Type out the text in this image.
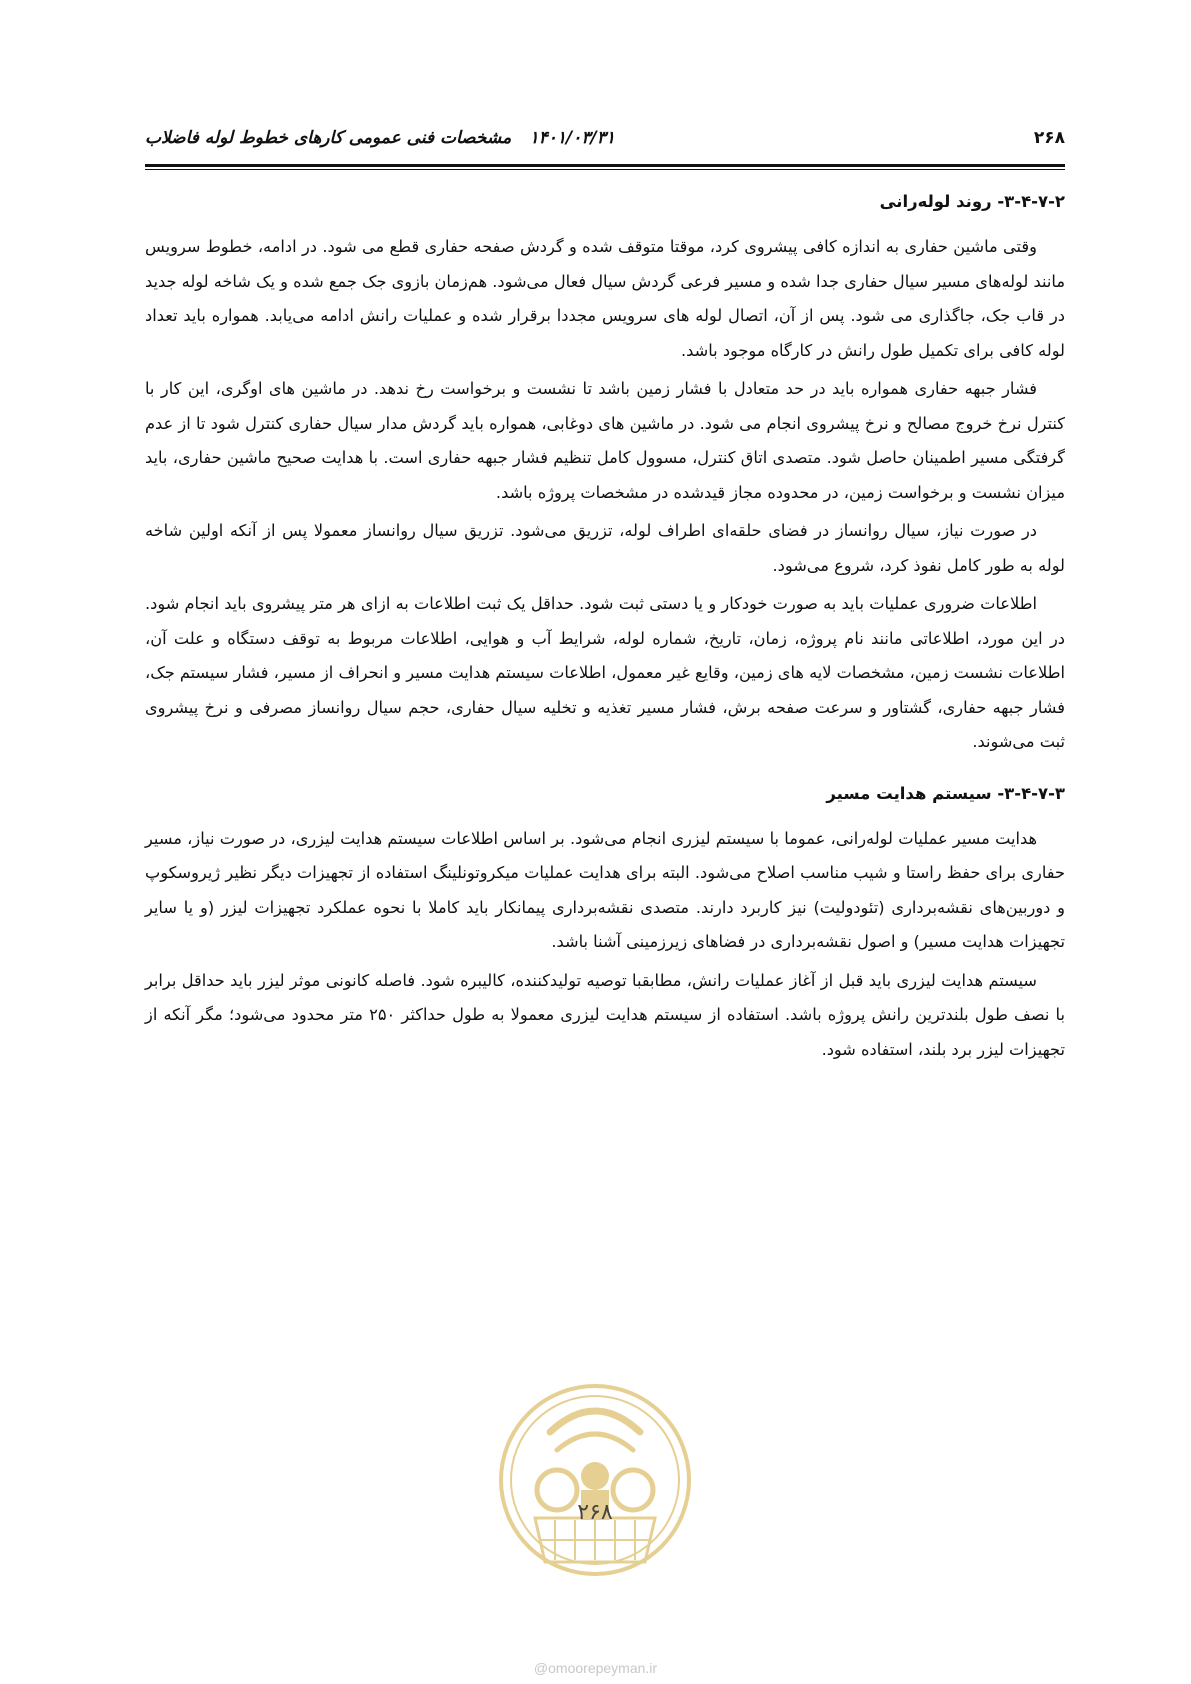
۲۶۸
۱۴۰۱/۰۳/۳۱
مشخصات فنی عمومی کارهای خطوط لوله فاضلاب
۳-۴-۷-۲- روند لوله‌رانی

وقتی ماشین حفاری به اندازه کافی پیشروی کرد، موقتا متوقف شده و گردش صفحه حفاری قطع می شود. در ادامه، خطوط سرویس مانند لوله‌های مسیر سیال حفاری جدا شده و مسیر فرعی گردش سیال فعال می‌شود. هم‌زمان بازوی جک جمع شده و یک شاخه لوله جدید در قاب جک، جاگذاری می شود. پس از آن، اتصال لوله های سرویس مجددا برقرار شده و عملیات رانش ادامه می‌یابد. همواره باید تعداد لوله کافی برای تکمیل طول رانش در کارگاه موجود باشد.

فشار جبهه حفاری همواره باید در حد متعادل با فشار زمین باشد تا نشست و برخواست رخ ندهد. در ماشین های اوگری، این کار با کنترل نرخ خروج مصالح و نرخ پیشروی انجام می شود. در ماشین های دوغابی، همواره باید گردش مدار سیال حفاری کنترل شود تا از عدم گرفتگی مسیر اطمینان حاصل شود. متصدی اتاق کنترل، مسوول کامل تنظیم فشار جبهه حفاری است. با هدایت صحیح ماشین حفاری، باید میزان نشست و برخواست زمین، در محدوده مجاز قیدشده در مشخصات پروژه باشد.

در صورت نیاز، سیال روانساز در فضای حلقه‌ای اطراف لوله، تزریق می‌شود. تزریق سیال روانساز معمولا پس از آنکه اولین شاخه لوله به طور کامل نفوذ کرد، شروع می‌شود.

اطلاعات ضروری عملیات باید به صورت خودکار و یا دستی ثبت شود. حداقل یک ثبت اطلاعات به ازای هر متر پیشروی باید انجام شود. در این مورد، اطلاعاتی مانند نام پروژه، زمان، تاریخ، شماره لوله، شرایط آب و هوایی، اطلاعات مربوط به توقف دستگاه و علت آن، اطلاعات نشست زمین، مشخصات لایه های زمین، وقایع غیر معمول، اطلاعات سیستم هدایت مسیر و انحراف از مسیر، فشار سیستم جک، فشار جبهه حفاری، گشتاور و سرعت صفحه برش، فشار مسیر تغذیه و تخلیه سیال حفاری، حجم سیال روانساز مصرفی و نرخ پیشروی ثبت می‌شوند.

۳-۴-۷-۳- سیستم هدایت مسیر

هدایت مسیر عملیات لوله‌رانی، عموما با سیستم لیزری انجام می‌شود. بر اساس اطلاعات سیستم هدایت لیزری، در صورت نیاز، مسیر حفاری برای حفظ راستا و شیب مناسب اصلاح می‌شود. البته برای هدایت عملیات میکروتونلینگ استفاده از تجهیزات دیگر نظیر ژیروسکوپ و دوربین‌های نقشه‌برداری (تئودولیت) نیز کاربرد دارند. متصدی نقشه‌برداری پیمانکار باید کاملا با نحوه عملکرد تجهیزات لیزر (و یا سایر تجهیزات هدایت مسیر) و اصول نقشه‌برداری در فضاهای زیرزمینی آشنا باشد.

سیستم هدایت لیزری باید قبل از آغاز عملیات رانش، مطابقبا توصیه تولیدکننده، کالیبره شود. فاصله کانونی موثر لیزر باید حداقل برابر با نصف طول بلندترین رانش پروژه باشد. استفاده از سیستم هدایت لیزری معمولا به طول حداکثر ۲۵۰ متر محدود می‌شود؛ مگر آنکه از تجهیزات لیزر برد بلند، استفاده شود.

۲۶۸
@omoorepeyman.ir
